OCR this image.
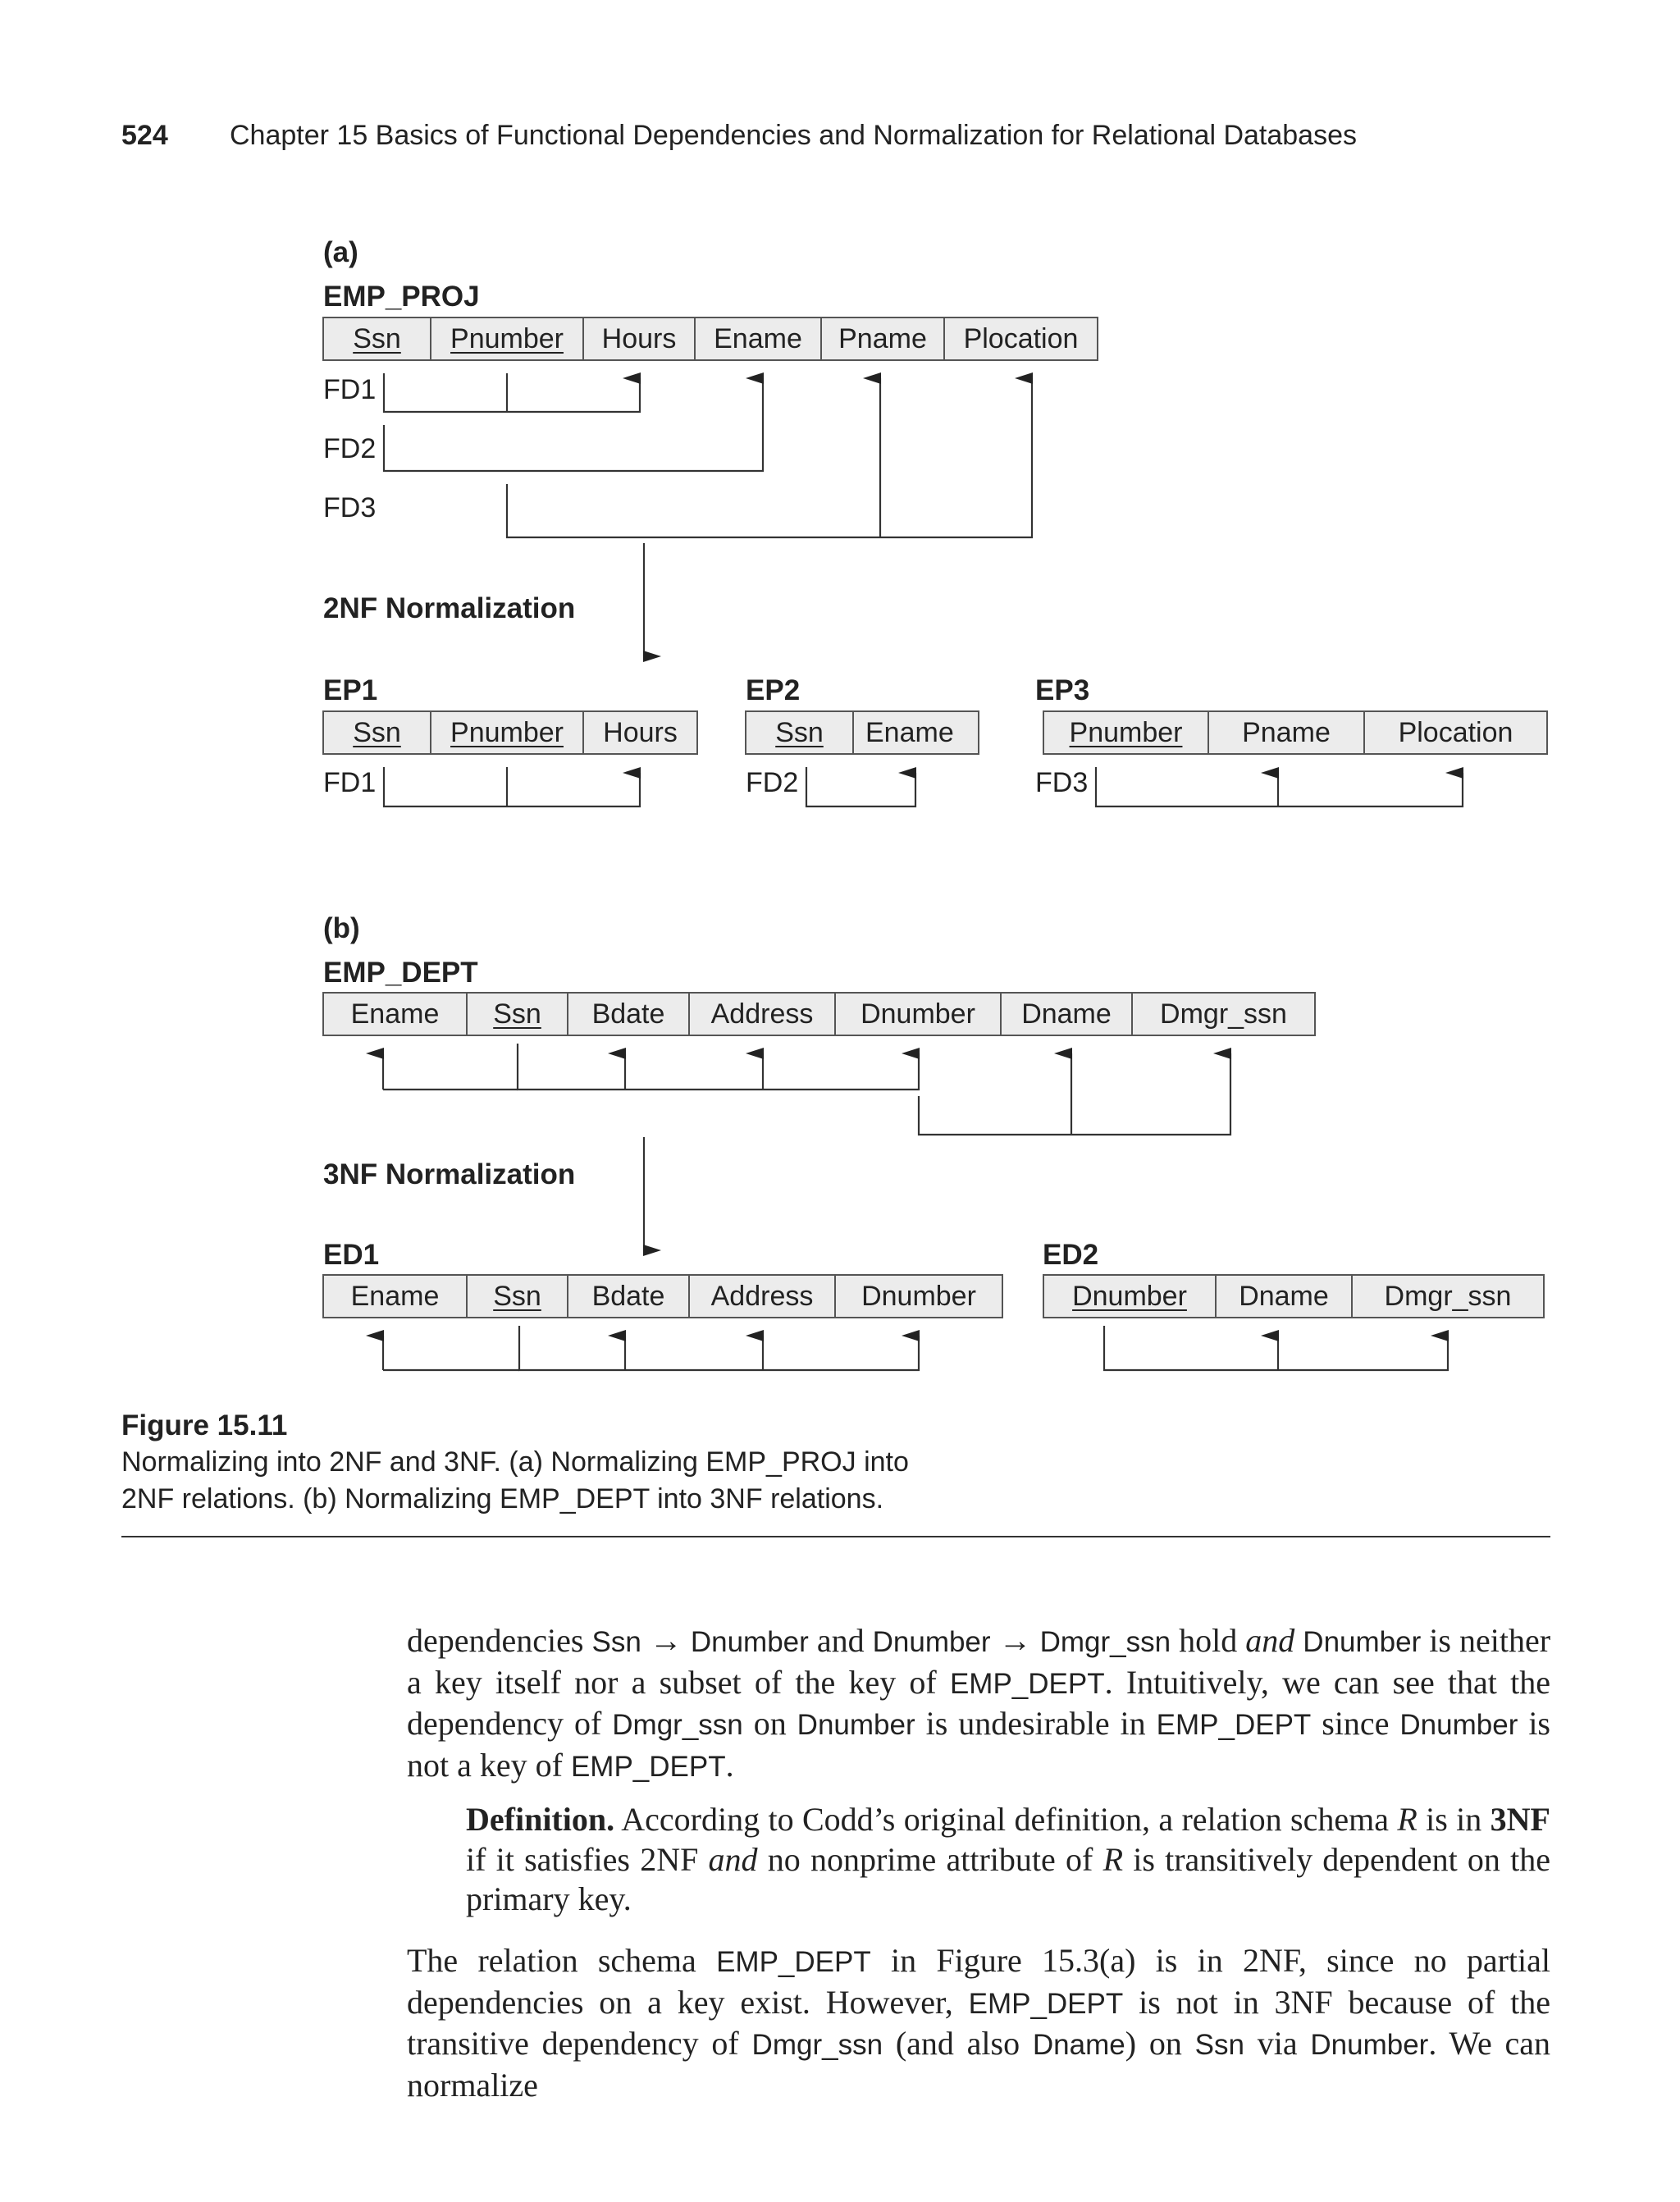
524 Chapter 15 Basics of Functional Dependencies and Normalization for Relational Databases
(a)
EMP_PROJ
Ssn	Pnumber	Hours	Ename	Pname	Plocation
FD1
FD2
FD3
2NF Normalization
EP1
Ssn	Pnumber	Hours
FD1
EP2
Ssn	Ename
FD2
EP3
Pnumber	Pname	Plocation
FD3
(b)
EMP_DEPT
Ename	Ssn	Bdate	Address	Dnumber	Dname	Dmgr_ssn
3NF Normalization
ED1
Ename	Ssn	Bdate	Address	Dnumber
ED2
Dnumber	Dname	Dmgr_ssn
Figure 15.11
Normalizing into 2NF and 3NF. (a) Normalizing EMP_PROJ into
2NF relations. (b) Normalizing EMP_DEPT into 3NF relations.

dependencies Ssn → Dnumber and Dnumber → Dmgr_ssn hold and Dnumber is neither a key itself nor a subset of the key of EMP_DEPT. Intuitively, we can see that the dependency of Dmgr_ssn on Dnumber is undesirable in EMP_DEPT since Dnumber is not a key of EMP_DEPT.

Definition. According to Codd’s original definition, a relation schema R is in 3NF if it satisfies 2NF and no nonprime attribute of R is transitively dependent on the primary key.

The relation schema EMP_DEPT in Figure 15.3(a) is in 2NF, since no partial dependencies on a key exist. However, EMP_DEPT is not in 3NF because of the transitive dependency of Dmgr_ssn (and also Dname) on Ssn via Dnumber. We can normalize
